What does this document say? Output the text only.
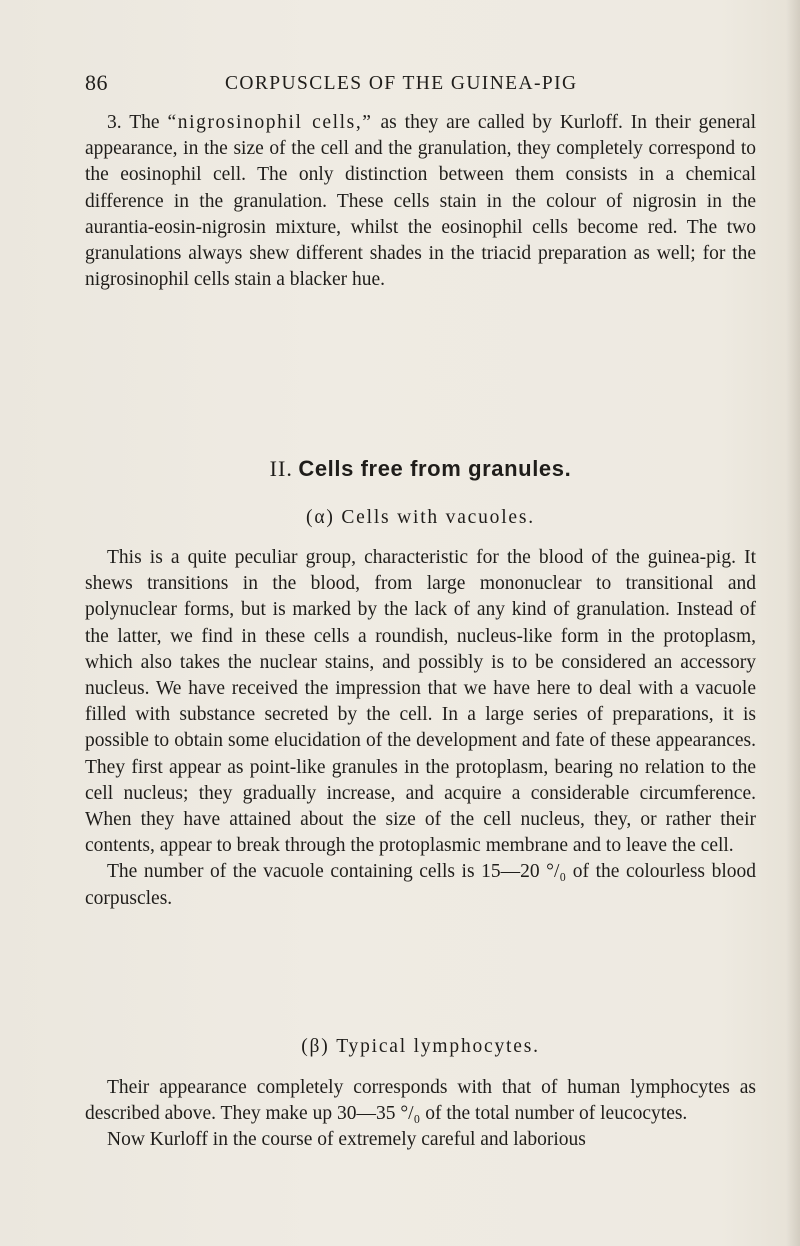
86	CORPUSCLES OF THE GUINEA-PIG

3. The “nigrosinophil cells,” as they are called by Kurloff. In their general appearance, in the size of the cell and the granulation, they completely correspond to the eosinophil cell. The only distinction between them consists in a chemical difference in the granulation. These cells stain in the colour of nigrosin in the aurantia-eosin-nigrosin mixture, whilst the eosinophil cells become red. The two granulations always shew different shades in the triacid preparation as well; for the nigrosinophil cells stain a blacker hue.

II. Cells free from granules.
(α) Cells with vacuoles.

This is a quite peculiar group, characteristic for the blood of the guinea-pig. It shews transitions in the blood, from large mononuclear to transitional and polynuclear forms, but is marked by the lack of any kind of granulation. Instead of the latter, we find in these cells a roundish, nucleus-like form in the protoplasm, which also takes the nuclear stains, and possibly is to be considered an accessory nucleus. We have received the impression that we have here to deal with a vacuole filled with substance secreted by the cell. In a large series of preparations, it is possible to obtain some elucidation of the development and fate of these appearances. They first appear as point-like granules in the protoplasm, bearing no relation to the cell nucleus; they gradually increase, and acquire a considerable circumference. When they have attained about the size of the cell nucleus, they, or rather their contents, appear to break through the protoplasmic membrane and to leave the cell.

The number of the vacuole containing cells is 15—20 °/₀ of the colourless blood corpuscles.

(β) Typical lymphocytes.

Their appearance completely corresponds with that of human lymphocytes as described above. They make up 30—35 °/₀ of the total number of leucocytes.

Now Kurloff in the course of extremely careful and laborious
